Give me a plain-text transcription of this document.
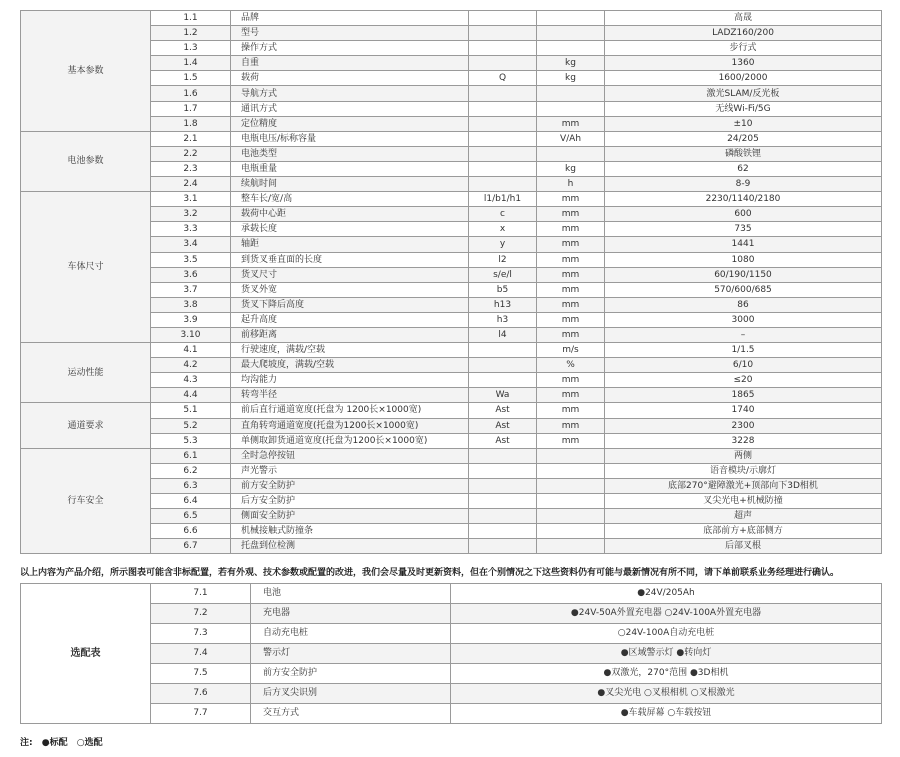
基本参数	1.1	品牌			高晟
	1.2	型号			LADZ160/200
	1.3	操作方式			步行式
	1.4	自重		kg	1360
	1.5	载荷	Q	kg	1600/2000
	1.6	导航方式			激光SLAM/反光板
	1.7	通讯方式			无线Wi-Fi/5G
	1.8	定位精度		mm	±10
电池参数	2.1	电瓶电压/标称容量		V/Ah	24/205
	2.2	电池类型			磷酸铁锂
	2.3	电瓶重量		kg	62
	2.4	续航时间		h	8-9
车体尺寸	3.1	整车长/宽/高	l1/b1/h1	mm	2230/1140/2180
	3.2	载荷中心距	c	mm	600
	3.3	承载长度	x	mm	735
	3.4	轴距	y	mm	1441
	3.5	到货叉垂直面的长度	l2	mm	1080
	3.6	货叉尺寸	s/e/l	mm	60/190/1150
	3.7	货叉外宽	b5	mm	570/600/685
	3.8	货叉下降后高度	h13	mm	86
	3.9	起升高度	h3	mm	3000
	3.10	前移距离	l4	mm	–
运动性能	4.1	行驶速度，满载/空载		m/s	1/1.5
	4.2	最大爬坡度，满载/空载		%	6/10
	4.3	均沟能力		mm	≤20
	4.4	转弯半径	Wa	mm	1865
通道要求	5.1	前后直行通道宽度(托盘为 1200长×1000宽)	Ast	mm	1740
	5.2	直角转弯通道宽度(托盘为1200长×1000宽)	Ast	mm	2300
	5.3	单侧取卸货通道宽度(托盘为1200长×1000宽)	Ast	mm	3228
行车安全	6.1	全时急停按钮			两侧
	6.2	声光警示			语音模块/示廓灯
	6.3	前方安全防护			底部270°避障激光+顶部向下3D相机
	6.4	后方安全防护			叉尖光电+机械防撞
	6.5	侧面安全防护			超声
	6.6	机械接触式防撞条			底部前方+底部侧方
	6.7	托盘到位检测			后部叉根
以上内容为产品介绍，所示图表可能含非标配置，若有外观、技术参数或配置的改进，我们会尽量及时更新资料，但在个别情况之下这些资料仍有可能与最新情况有所不同，请下单前联系业务经理进行确认。
选配表	7.1	电池	●24V/205Ah
	7.2	充电器	●24V-50A外置充电器 ○24V-100A外置充电器
	7.3	自动充电桩	○24V-100A自动充电桩
	7.4	警示灯	●区域警示灯 ●转向灯
	7.5	前方安全防护	●双激光，270°范围 ●3D相机
	7.6	后方叉尖识别	●叉尖光电 ○叉根相机 ○叉根激光
	7.7	交互方式	●车载屏幕 ○车载按钮
注: ●标配 ○选配
